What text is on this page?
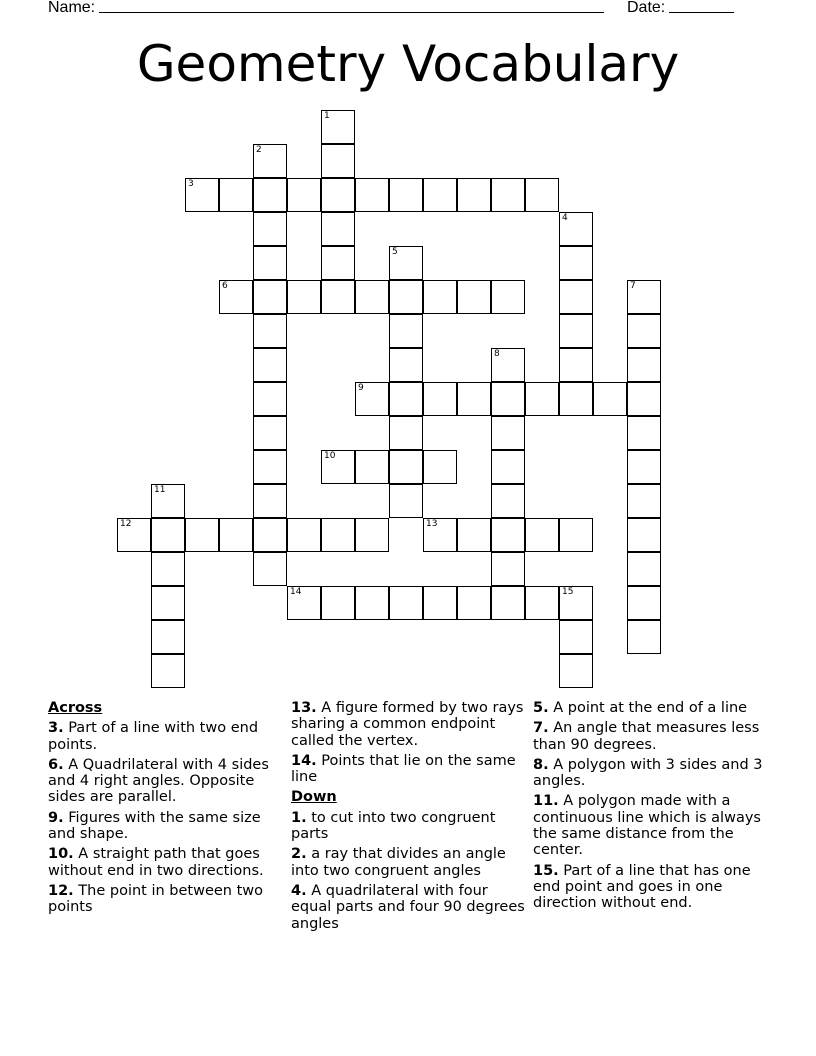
Name:	Date:
Geometry Vocabulary
3
6
9
10
12	13
14	15
1
2
4
5
7
8
11
Across
3. Part of a line with two end points.
6. A Quadrilateral with 4 sides and 4 right angles. Opposite sides are parallel.
9. Figures with the same size and shape.
10. A straight path that goes without end in two directions.
12. The point in between two points
13. A figure formed by two rays sharing a common endpoint called the vertex.
14. Points that lie on the same line
Down
1. to cut into two congruent parts
2. a ray that divides an angle into two congruent angles
4. A quadrilateral with four equal parts and four 90 degrees angles
5. A point at the end of a line
7. An angle that measures less than 90 degrees.
8. A polygon with 3 sides and 3 angles.
11. A polygon made with a continuous line which is always the same distance from the center.
15. Part of a line that has one end point and goes in one direction without end.
